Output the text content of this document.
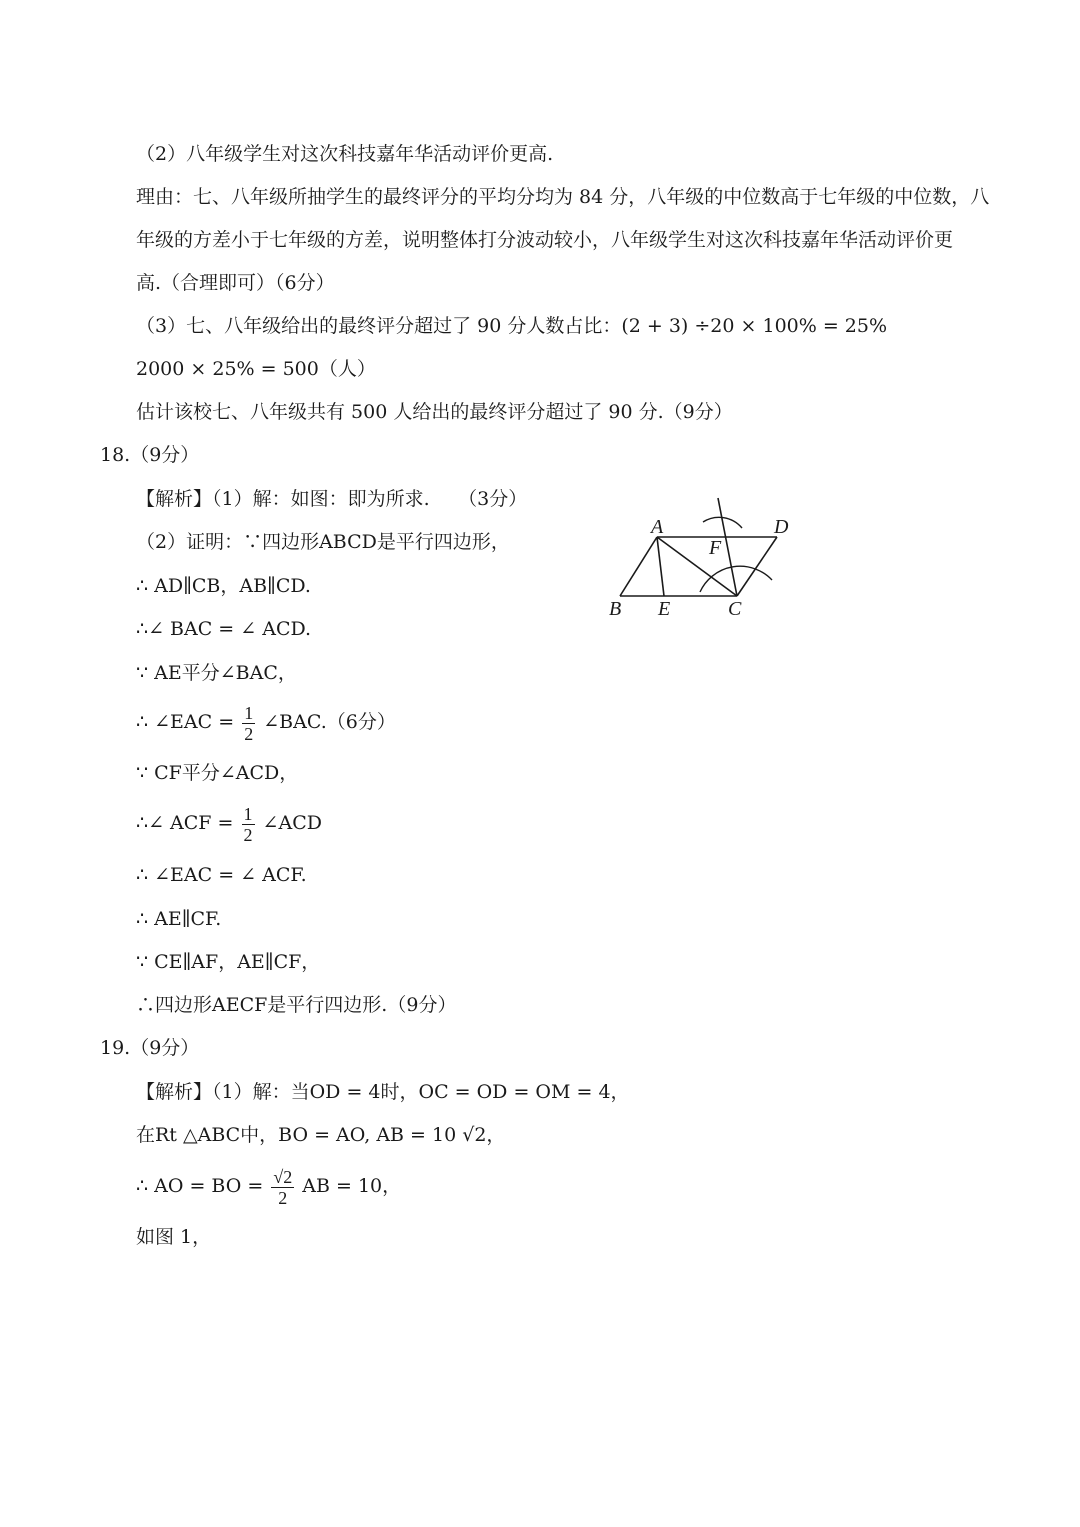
（2）八年级学生对这次科技嘉年华活动评价更高.
理由：七、八年级所抽学生的最终评分的平均分均为 84 分，八年级的中位数高于七年级的中位数，八
年级的方差小于七年级的方差，说明整体打分波动较小，八年级学生对这次科技嘉年华活动评价更
高.（合理即可）（6分）
（3）七、八年级给出的最终评分超过了 90 分人数占比：(2 + 3) ÷20 × 100% = 25%
2000 × 25% = 500（人）
估计该校七、八年级共有 500 人给出的最终评分超过了 90 分.（9分）
18.（9分）
【解析】（1）解：如图：即为所求.　　（3分）
（2）证明：∵四边形ABCD是平行四边形，
∴ AD∥CB，AB∥CD.
∴∠ BAC = ∠ ACD.
∵ AE平分∠BAC，
∴ ∠EAC = $\frac{1}{2}$ ∠BAC.（6分）
∵ CF平分∠ACD，
∴∠ ACF = $\frac{1}{2}$ ∠ACD
∴ ∠EAC = ∠ ACF.
∴ AE∥CF.
∵ CE∥AF，AE∥CF，
∴四边形AECF是平行四边形.（9分）
19.（9分）
【解析】（1）解：当OD = 4时，OC = OD = OM = 4，
在Rt △ABC中，BO = AO, AB = 10 √2，
∴ AO = BO = $\frac{√2}{2}$ AB = 10，
如图 1，
A	D
F
B E	C
